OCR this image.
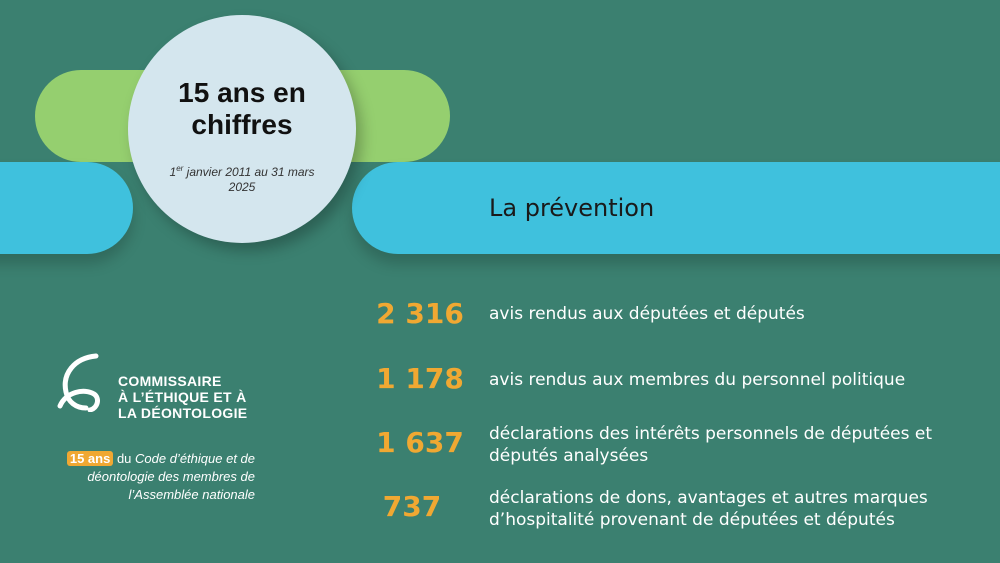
15 ans en
chiffres
1er janvier 2011 au 31 mars 2025
La prévention
2 316	avis rendus aux députées et députés
1 178	avis rendus aux membres du personnel politique
1 637	déclarations des intérêts personnels de députées et députés analysées
737	déclarations de dons, avantages et autres marques d’hospitalité provenant de députées et députés
COMMISSAIRE
À L’ÉTHIQUE ET À
LA DÉONTOLOGIE
15 ans du Code d’éthique et de déontologie des membres de l’Assemblée nationale
